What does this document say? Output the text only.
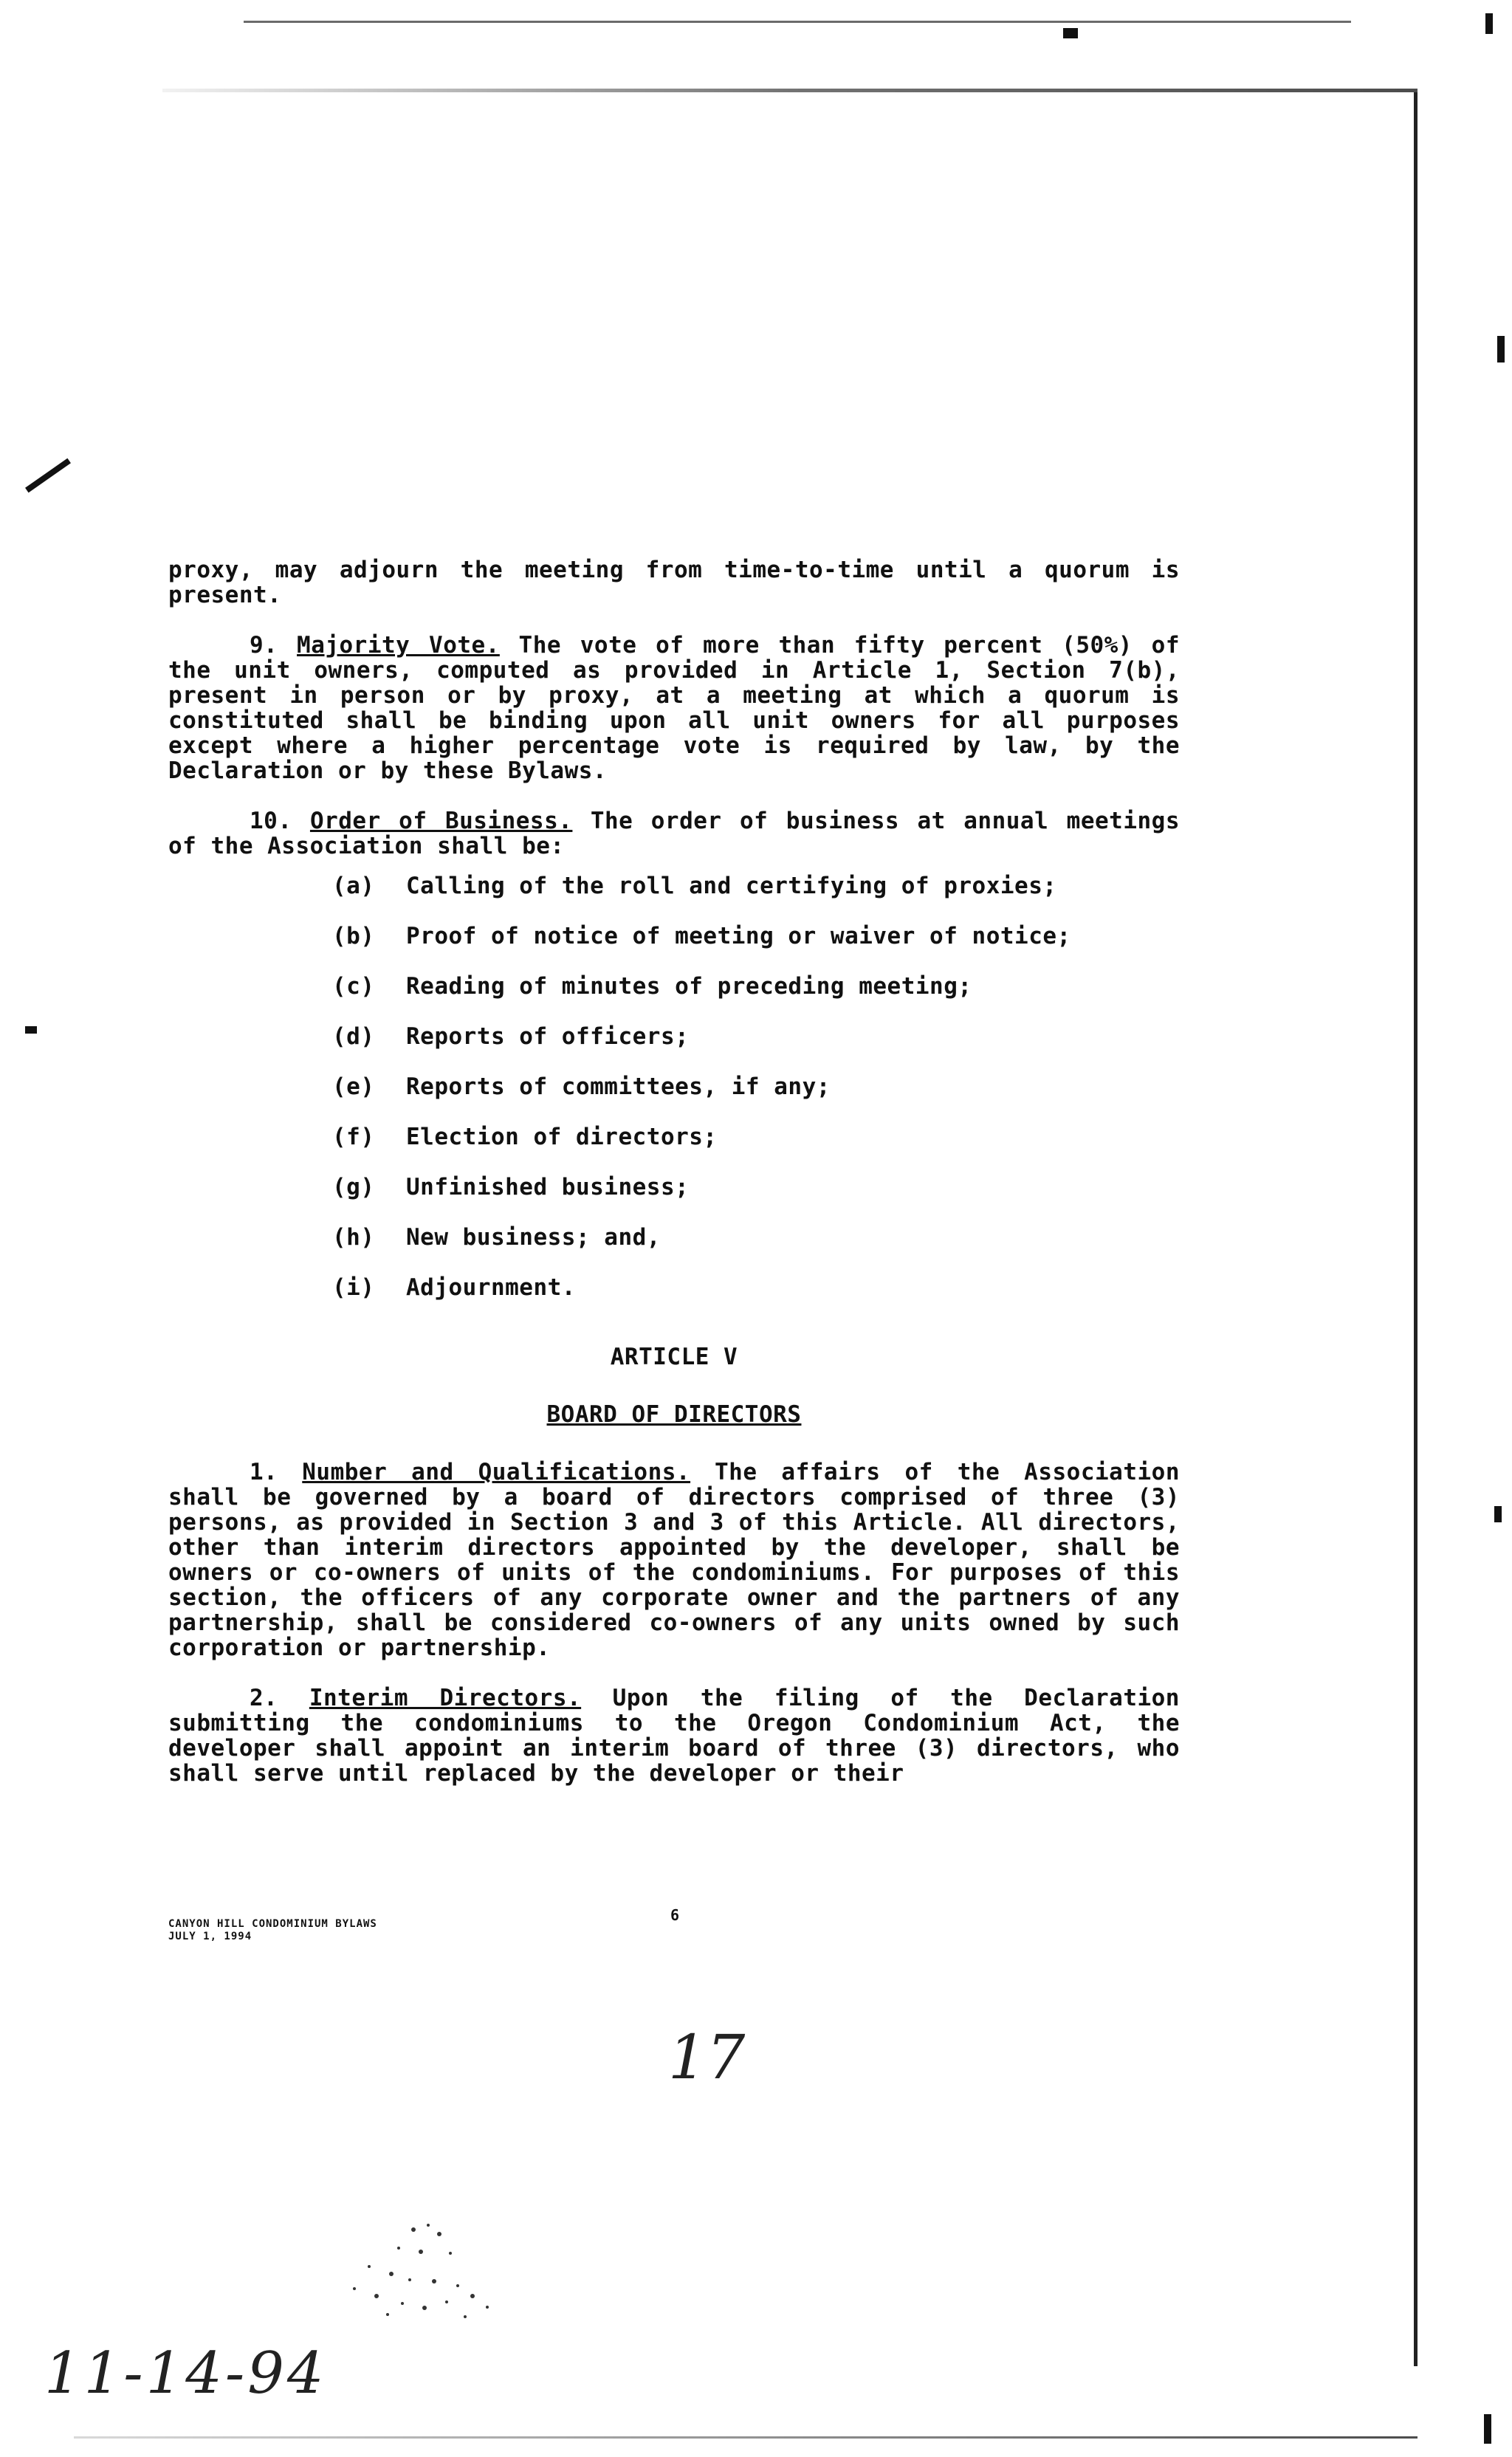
proxy, may adjourn the meeting from time-to-time until a quorum is present.

9. Majority Vote. The vote of more than fifty percent (50%) of the unit owners, computed as provided in Article 1, Section 7(b), present in person or by proxy, at a meeting at which a quorum is constituted shall be binding upon all unit owners for all purposes except where a higher percentage vote is required by law, by the Declaration or by these Bylaws.

10. Order of Business. The order of business at annual meetings of the Association shall be:

(a) Calling of the roll and certifying of proxies;
(b) Proof of notice of meeting or waiver of notice;
(c) Reading of minutes of preceding meeting;
(d) Reports of officers;
(e) Reports of committees, if any;
(f) Election of directors;
(g) Unfinished business;
(h) New business; and,
(i) Adjournment.
ARTICLE V
BOARD OF DIRECTORS

1. Number and Qualifications. The affairs of the Association shall be governed by a board of directors comprised of three (3) persons, as provided in Section 3 and 3 of this Article. All directors, other than interim directors appointed by the developer, shall be owners or co-owners of units of the condominiums. For purposes of this section, the officers of any corporate owner and the partners of any partnership, shall be considered co-owners of any units owned by such corporation or partnership.

2. Interim Directors. Upon the filing of the Declaration submitting the condominiums to the Oregon Condominium Act, the developer shall appoint an interim board of three (3) directors, who shall serve until replaced by the developer or their

CANYON HILL CONDOMINIUM BYLAWS
JULY 1, 1994
6
17
11-14-94
